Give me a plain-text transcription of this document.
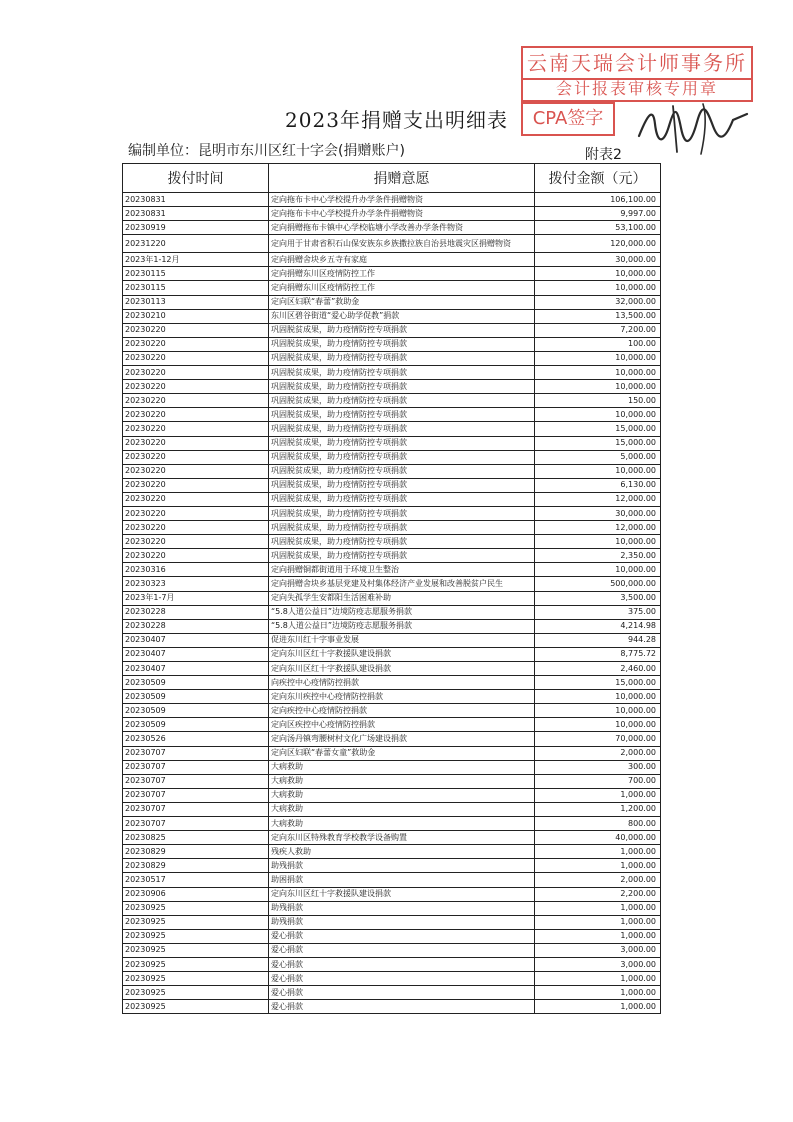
云南天瑞会计师事务所
会计报表审核专用章
CPA签字
2023年捐赠支出明细表
编制单位：昆明市东川区红十字会(捐赠账户)	附表2
拨付时间	捐赠意愿	拨付金额（元）
20230831	定向拖布卡中心学校提升办学条件捐赠物资	106,100.00
20230831	定向拖布卡中心学校提升办学条件捐赠物资	9,997.00
20230919	定向捐赠拖布卡镇中心学校临塘小学改善办学条件物资	53,100.00
20231220	定向用于甘肃省积石山保安族东乡族撒拉族自治县地震灾区捐赠物资	120,000.00
2023年1-12月	定向捐赠舍块乡五寺有家庭	30,000.00
20230115	定向捐赠东川区疫情防控工作	10,000.00
20230115	定向捐赠东川区疫情防控工作	10,000.00
20230113	定向区妇联“春蕾”救助金	32,000.00
20230210	东川区碧谷街道“爱心助学促教”捐款	13,500.00
20230220	巩固脱贫成果，助力疫情防控专项捐款	7,200.00
20230220	巩固脱贫成果，助力疫情防控专项捐款	100.00
20230220	巩固脱贫成果，助力疫情防控专项捐款	10,000.00
20230220	巩固脱贫成果，助力疫情防控专项捐款	10,000.00
20230220	巩固脱贫成果，助力疫情防控专项捐款	10,000.00
20230220	巩固脱贫成果，助力疫情防控专项捐款	150.00
20230220	巩固脱贫成果，助力疫情防控专项捐款	10,000.00
20230220	巩固脱贫成果，助力疫情防控专项捐款	15,000.00
20230220	巩固脱贫成果，助力疫情防控专项捐款	15,000.00
20230220	巩固脱贫成果，助力疫情防控专项捐款	5,000.00
20230220	巩固脱贫成果，助力疫情防控专项捐款	10,000.00
20230220	巩固脱贫成果，助力疫情防控专项捐款	6,130.00
20230220	巩固脱贫成果，助力疫情防控专项捐款	12,000.00
20230220	巩固脱贫成果，助力疫情防控专项捐款	30,000.00
20230220	巩固脱贫成果，助力疫情防控专项捐款	12,000.00
20230220	巩固脱贫成果，助力疫情防控专项捐款	10,000.00
20230220	巩固脱贫成果，助力疫情防控专项捐款	2,350.00
20230316	定向捐赠铜都街道用于环境卫生整治	10,000.00
20230323	定向捐赠舍块乡基层党建及村集体经济产业发展和改善脱贫户民生	500,000.00
2023年1-7月	定向失孤学生安都阳生活困难补助	3,500.00
20230228	“5.8人道公益日”边境防疫志愿服务捐款	375.00
20230228	“5.8人道公益日”边境防疫志愿服务捐款	4,214.98
20230407	促进东川红十字事业发展	944.28
20230407	定向东川区红十字救援队建设捐款	8,775.72
20230407	定向东川区红十字救援队建设捐款	2,460.00
20230509	向疾控中心疫情防控捐款	15,000.00
20230509	定向东川疾控中心疫情防控捐款	10,000.00
20230509	定向疾控中心疫情防控捐款	10,000.00
20230509	定向区疾控中心疫情防控捐款	10,000.00
20230526	定向汤丹镇弯腰树村文化广场建设捐款	70,000.00
20230707	定向区妇联“春蕾女童”救助金	2,000.00
20230707	大病救助	300.00
20230707	大病救助	700.00
20230707	大病救助	1,000.00
20230707	大病救助	1,200.00
20230707	大病救助	800.00
20230825	定向东川区特殊教育学校教学设备购置	40,000.00
20230829	残疾人救助	1,000.00
20230829	助残捐款	1,000.00
20230517	助困捐款	2,000.00
20230906	定向东川区红十字救援队建设捐款	2,200.00
20230925	助残捐款	1,000.00
20230925	助残捐款	1,000.00
20230925	爱心捐款	1,000.00
20230925	爱心捐款	3,000.00
20230925	爱心捐款	3,000.00
20230925	爱心捐款	1,000.00
20230925	爱心捐款	1,000.00
20230925	爱心捐款	1,000.00
